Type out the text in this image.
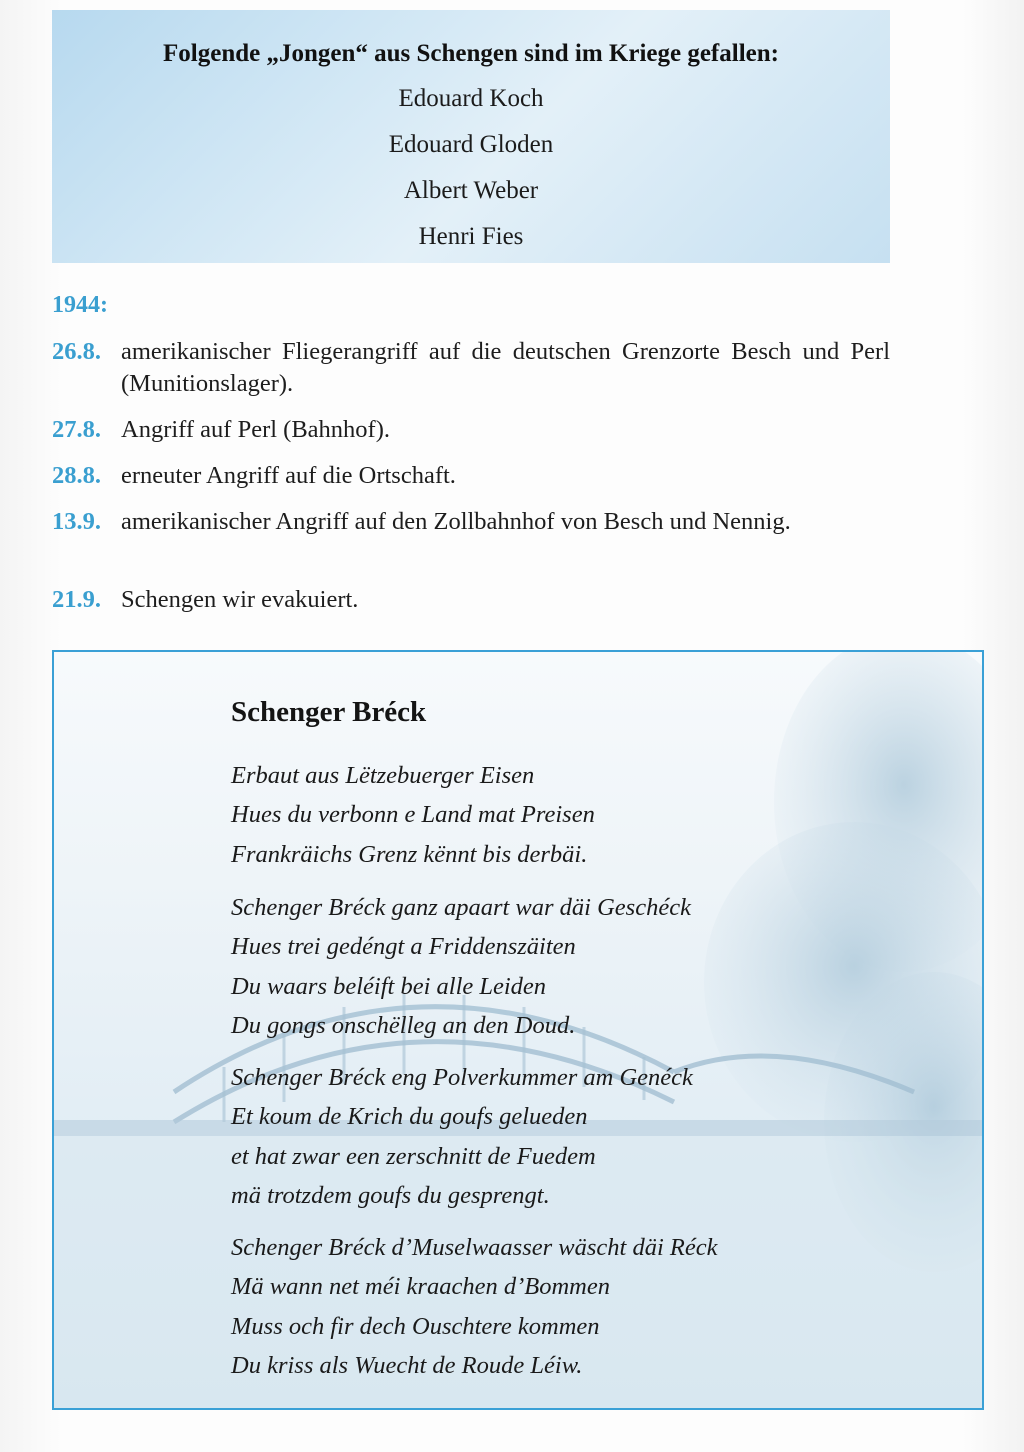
Folgende „Jongen“ aus Schengen sind im Kriege gefallen:
Edouard Koch
Edouard Gloden
Albert Weber
Henri Fies
1944:
26.8. amerikanischer Fliegerangriff auf die deutschen Grenzorte Besch und Perl (Munitionslager).
27.8. Angriff auf Perl (Bahnhof).
28.8. erneuter Angriff auf die Ortschaft.
13.9. amerikanischer Angriff auf den Zollbahnhof von Besch und Nennig.
21.9. Schengen wir evakuiert.
Schenger Bréck
Erbaut aus Lëtzebuerger Eisen
Hues du verbonn e Land mat Preisen
Frankräichs Grenz kënnt bis derbäi.
Schenger Bréck ganz apaart war däi Geschéck
Hues trei gedéngt a Friddenszäiten
Du waars beléift bei alle Leiden
Du gongs onschëlleg an den Doud.
Schenger Bréck eng Polverkummer am Genéck
Et koum de Krich du goufs gelueden
et hat zwar een zerschnitt de Fuedem
mä trotzdem goufs du gesprengt.
Schenger Bréck d’Muselwaasser wäscht däi Réck
Mä wann net méi kraachen d’Bommen
Muss och fir dech Ouschtere kommen
Du kriss als Wuecht de Roude Léiw.
